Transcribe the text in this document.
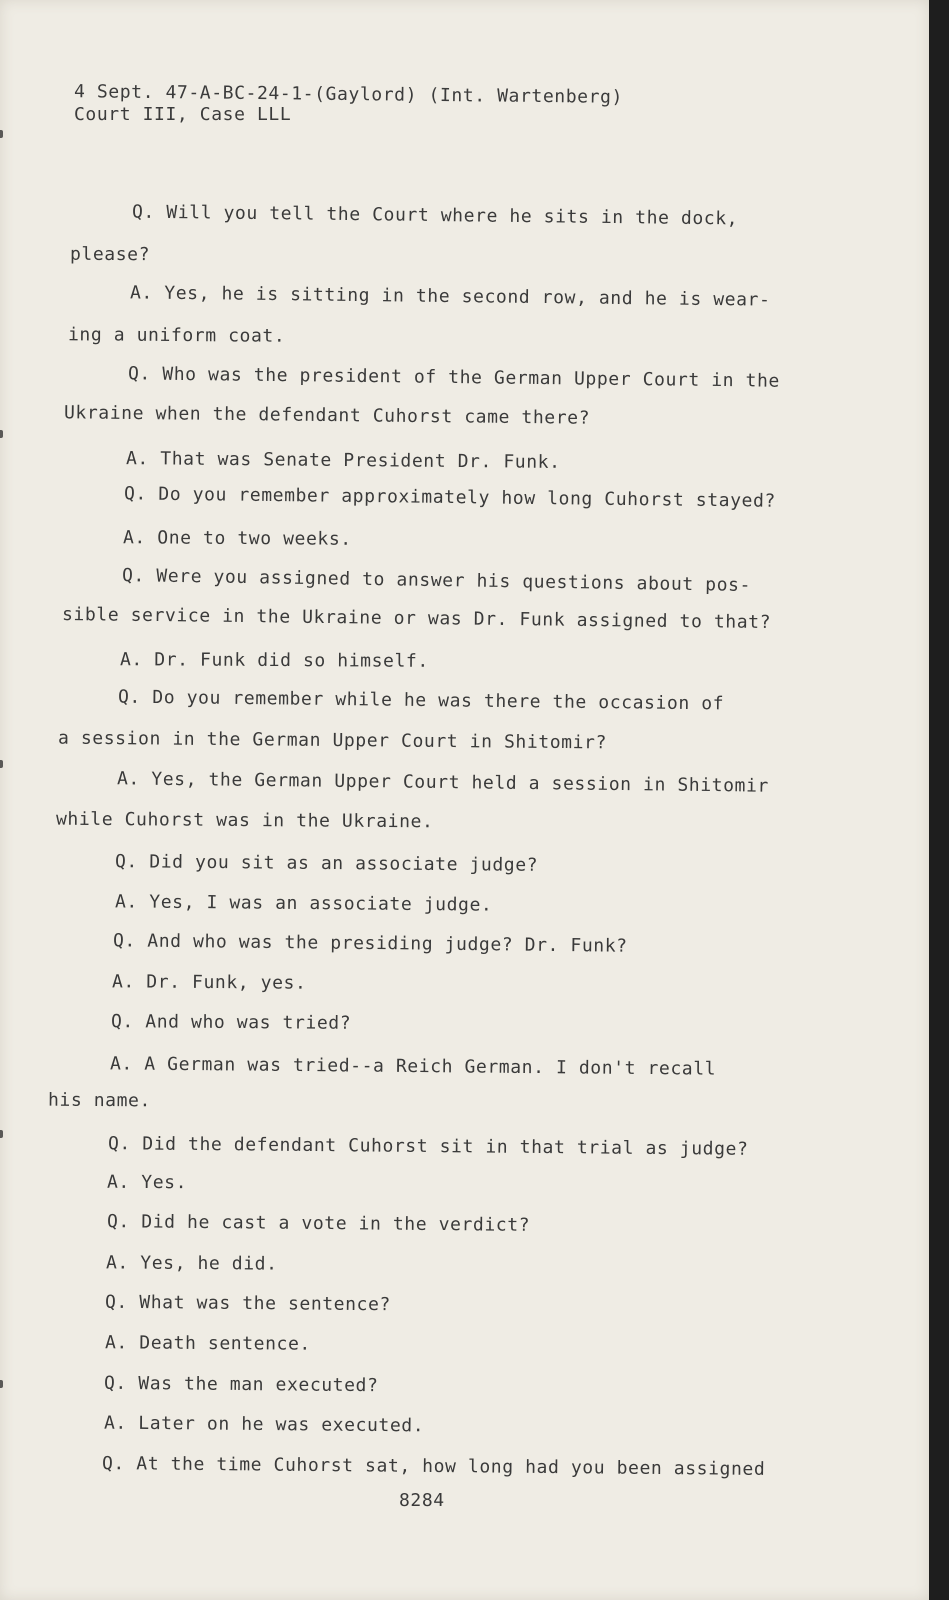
4 Sept. 47-A-BC-24-1-(Gaylord) (Int. Wartenberg)
Court III, Case LLL
Q. Will you tell the Court where he sits in the dock,
please?
A. Yes, he is sitting in the second row, and he is wear-
ing a uniform coat.
Q. Who was the president of the German Upper Court in the
Ukraine when the defendant Cuhorst came there?
A. That was Senate President Dr. Funk.
Q. Do you remember approximately how long Cuhorst stayed?
A. One to two weeks.
Q. Were you assigned to answer his questions about pos-
sible service in the Ukraine or was Dr. Funk assigned to that?
A. Dr. Funk did so himself.
Q. Do you remember while he was there the occasion of
a session in the German Upper Court in Shitomir?
A. Yes, the German Upper Court held a session in Shitomir
while Cuhorst was in the Ukraine.
Q. Did you sit as an associate judge?
A. Yes, I was an associate judge.
Q. And who was the presiding judge? Dr. Funk?
A. Dr. Funk, yes.
Q. And who was tried?
A. A German was tried--a Reich German. I don't recall
his name.
Q. Did the defendant Cuhorst sit in that trial as judge?
A. Yes.
Q. Did he cast a vote in the verdict?
A. Yes, he did.
Q. What was the sentence?
A. Death sentence.
Q. Was the man executed?
A. Later on he was executed.
Q. At the time Cuhorst sat, how long had you been assigned
8284
